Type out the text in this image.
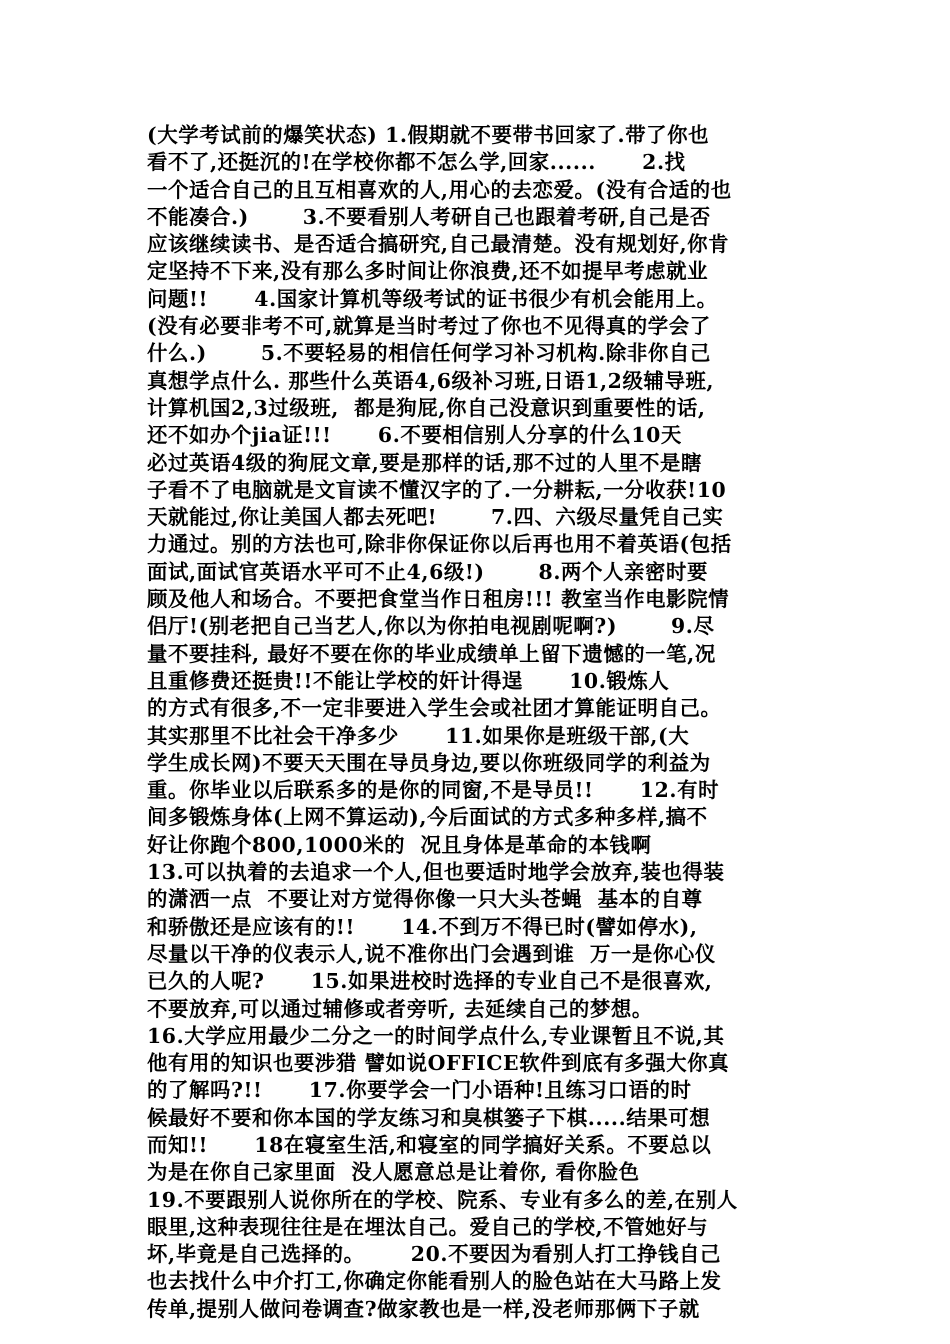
(大学考试前的爆笑状态) 1.假期就不要带书回家了.带了你也
看不了,还挺沉的!在学校你都不怎么学,回家......      2.找
一个适合自己的且互相喜欢的人,用心的去恋爱。(没有合适的也
不能凑合.)       3.不要看别人考研自己也跟着考研,自己是否
应该继续读书、是否适合搞研究,自己最清楚。没有规划好,你肯
定坚持不下来,没有那么多时间让你浪费,还不如提早考虑就业
问题!!      4.国家计算机等级考试的证书很少有机会能用上。
(没有必要非考不可,就算是当时考过了你也不见得真的学会了
什么.)       5.不要轻易的相信任何学习补习机构.除非你自己
真想学点什么. 那些什么英语4,6级补习班,日语1,2级辅导班,
计算机国2,3过级班,  都是狗屁,你自己没意识到重要性的话,
还不如办个jia证!!!      6.不要相信别人分享的什么10天
必过英语4级的狗屁文章,要是那样的话,那不过的人里不是瞎
子看不了电脑就是文盲读不懂汉字的了.一分耕耘,一分收获!10
天就能过,你让美国人都去死吧!       7.四、六级尽量凭自己实
力通过。别的方法也可,除非你保证你以后再也用不着英语(包括
面试,面试官英语水平可不止4,6级!)       8.两个人亲密时要
顾及他人和场合。不要把食堂当作日租房!!! 教室当作电影院情
侣厅!(别老把自己当艺人,你以为你拍电视剧呢啊?)       9.尽
量不要挂科, 最好不要在你的毕业成绩单上留下遗憾的一笔,况
且重修费还挺贵!!不能让学校的奸计得逞      10.锻炼人
的方式有很多,不一定非要进入学生会或社团才算能证明自己。
其实那里不比社会干净多少      11.如果你是班级干部,(大
学生成长网)不要天天围在导员身边,要以你班级同学的利益为
重。你毕业以后联系多的是你的同窗,不是导员!!      12.有时
间多锻炼身体(上网不算运动),今后面试的方式多种多样,搞不
好让你跑个800,1000米的  况且身体是革命的本钱啊
13.可以执着的去追求一个人,但也要适时地学会放弃,装也得装
的潇洒一点  不要让对方觉得你像一只大头苍蝇  基本的自尊
和骄傲还是应该有的!!      14.不到万不得已时(譬如停水),
尽量以干净的仪表示人,说不准你出门会遇到谁  万一是你心仪
已久的人呢?      15.如果进校时选择的专业自己不是很喜欢,
不要放弃,可以通过辅修或者旁听, 去延续自己的梦想。
16.大学应用最少二分之一的时间学点什么,专业课暂且不说,其
他有用的知识也要涉猎 譬如说OFFICE软件到底有多强大你真
的了解吗?!!      17.你要学会一门小语种!且练习口语的时
候最好不要和你本国的学友练习和臭棋篓子下棋.....结果可想
而知!!      18在寝室生活,和寝室的同学搞好关系。不要总以
为是在你自己家里面  没人愿意总是让着你, 看你脸色
19.不要跟别人说你所在的学校、院系、专业有多么的差,在别人
眼里,这种表现往往是在埋汰自己。爱自己的学校,不管她好与
坏,毕竟是自己选择的。      20.不要因为看别人打工挣钱自己
也去找什么中介打工,你确定你能看别人的脸色站在大马路上发
传单,提别人做问卷调查?做家教也是一样,没老师那俩下子就
